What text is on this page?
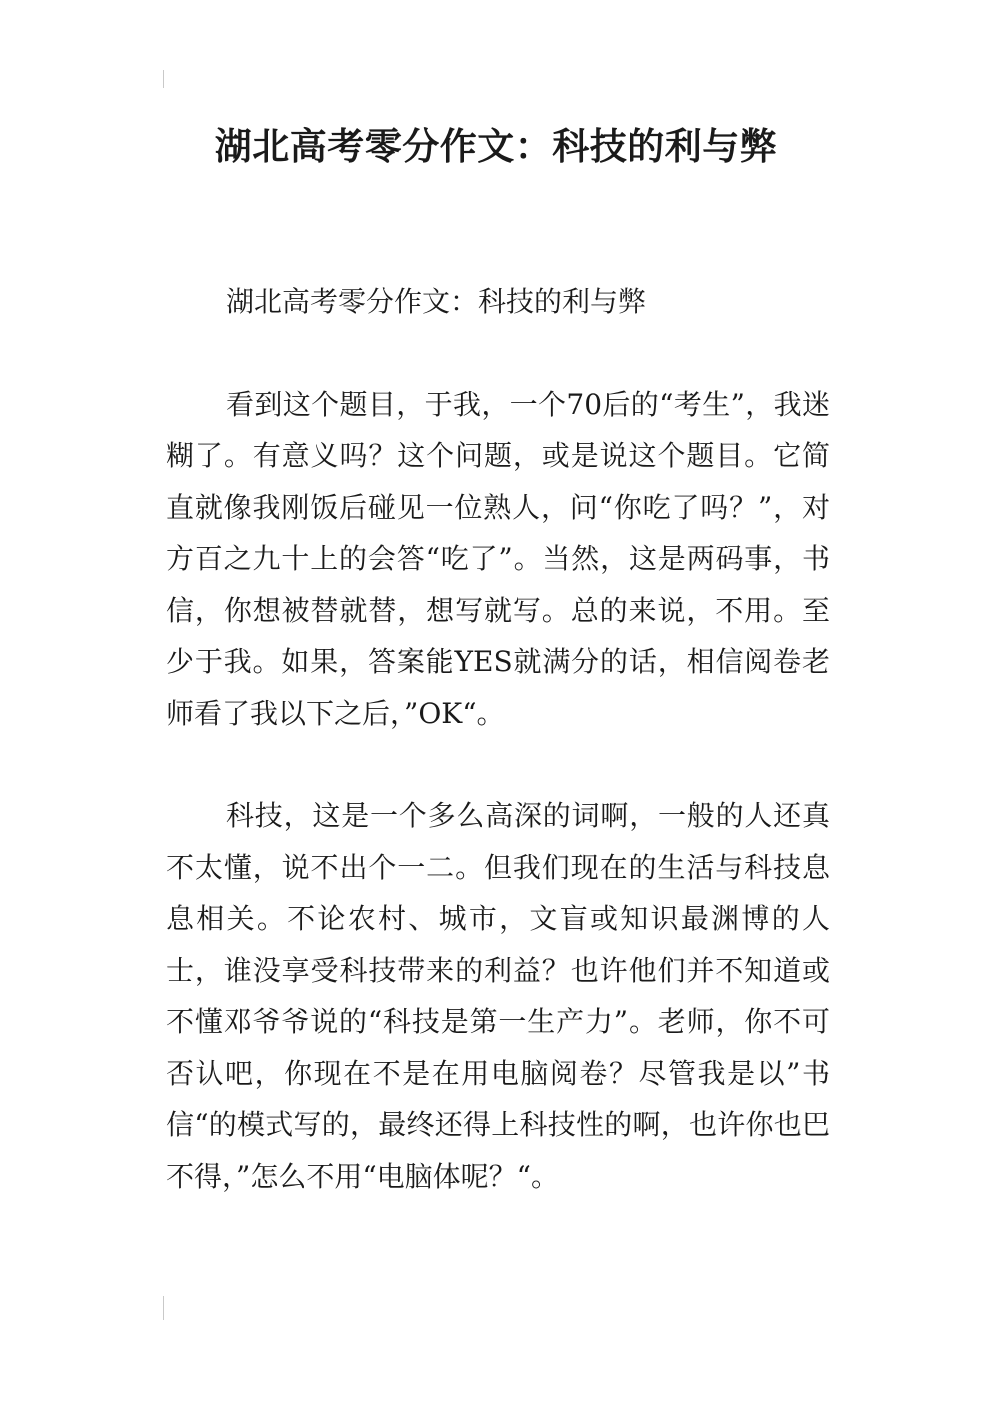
湖北高考零分作文：科技的利与弊

湖北高考零分作文：科技的利与弊

看到这个题目，于我，一个70后的“考生”，我迷糊了。有意义吗？这个问题，或是说这个题目。它简直就像我刚饭后碰见一位熟人，问“你吃了吗？”，对方百之九十上的会答“吃了”。当然，这是两码事，书信，你想被替就替，想写就写。总的来说，不用。至少于我。如果，答案能YES就满分的话，相信阅卷老师看了我以下之后，”OK“。

科技，这是一个多么高深的词啊，一般的人还真不太懂，说不出个一二。但我们现在的生活与科技息息相关。不论农村、城市，文盲或知识最渊博的人士，谁没享受科技带来的利益？也许他们并不知道或不懂邓爷爷说的“科技是第一生产力”。老师，你不可否认吧，你现在不是在用电脑阅卷？尽管我是以”书信“的模式写的，最终还得上科技性的啊，也许你也巴不得，”怎么不用“电脑体呢？“。
